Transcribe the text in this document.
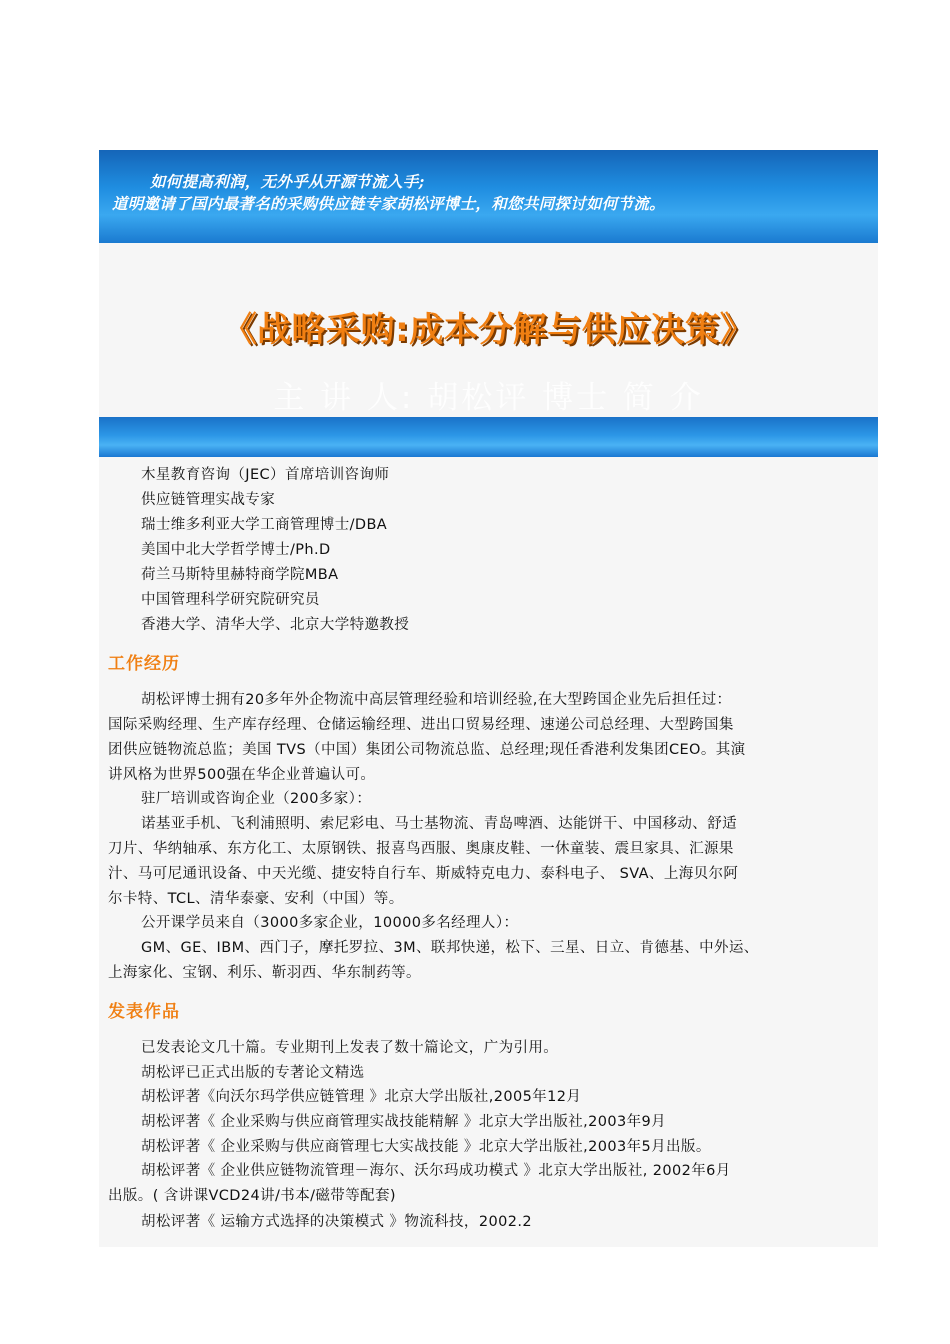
如何提高利润，无外乎从开源节流入手;
道明邀请了国内最著名的采购供应链专家胡松评博士，和您共同探讨如何节流。
《战略采购:成本分解与供应决策》
主 讲 人: 胡松评 博士 简 介
木星教育咨询（JEC）首席培训咨询师
供应链管理实战专家
瑞士维多利亚大学工商管理博士/DBA
美国中北大学哲学博士/Ph.D
荷兰马斯特里赫特商学院MBA
中国管理科学研究院研究员
香港大学、清华大学、北京大学特邀教授
工作经历
胡松评博士拥有20多年外企物流中高层管理经验和培训经验,在大型跨国企业先后担任过：
国际采购经理、生产库存经理、仓储运输经理、进出口贸易经理、速递公司总经理、大型跨国集
团供应链物流总监；美国 TVS（中国）集团公司物流总监、总经理;现任香港利发集团CEO。其演
讲风格为世界500强在华企业普遍认可。
驻厂培训或咨询企业（200多家）：
诺基亚手机、飞利浦照明、索尼彩电、马士基物流、青岛啤酒、达能饼干、中国移动、舒适
刀片、华纳轴承、东方化工、太原钢铁、报喜鸟西服、奥康皮鞋、一休童装、震旦家具、汇源果
汁、马可尼通讯设备、中天光缆、捷安特自行车、斯威特克电力、泰科电子、 SVA、上海贝尔阿
尔卡特、TCL、清华泰豪、安利（中国）等。
公开课学员来自（3000多家企业，10000多名经理人）：
GM、GE、IBM、西门子，摩托罗拉、3M、联邦快递，松下、三星、日立、肯德基、中外运、
上海家化、宝钢、利乐、靳羽西、华东制药等。
发表作品
已发表论文几十篇。专业期刊上发表了数十篇论文，广为引用。
胡松评已正式出版的专著论文精选
胡松评著《向沃尔玛学供应链管理 》北京大学出版社,2005年12月
胡松评著《 企业采购与供应商管理实战技能精解 》北京大学出版社,2003年9月
胡松评著《 企业采购与供应商管理七大实战技能 》北京大学出版社,2003年5月出版。
胡松评著《 企业供应链物流管理－海尔、沃尔玛成功模式 》北京大学出版社, 2002年6月
出版。( 含讲课VCD24讲/书本/磁带等配套)
胡松评著《 运输方式选择的决策模式 》物流科技，2002.2
